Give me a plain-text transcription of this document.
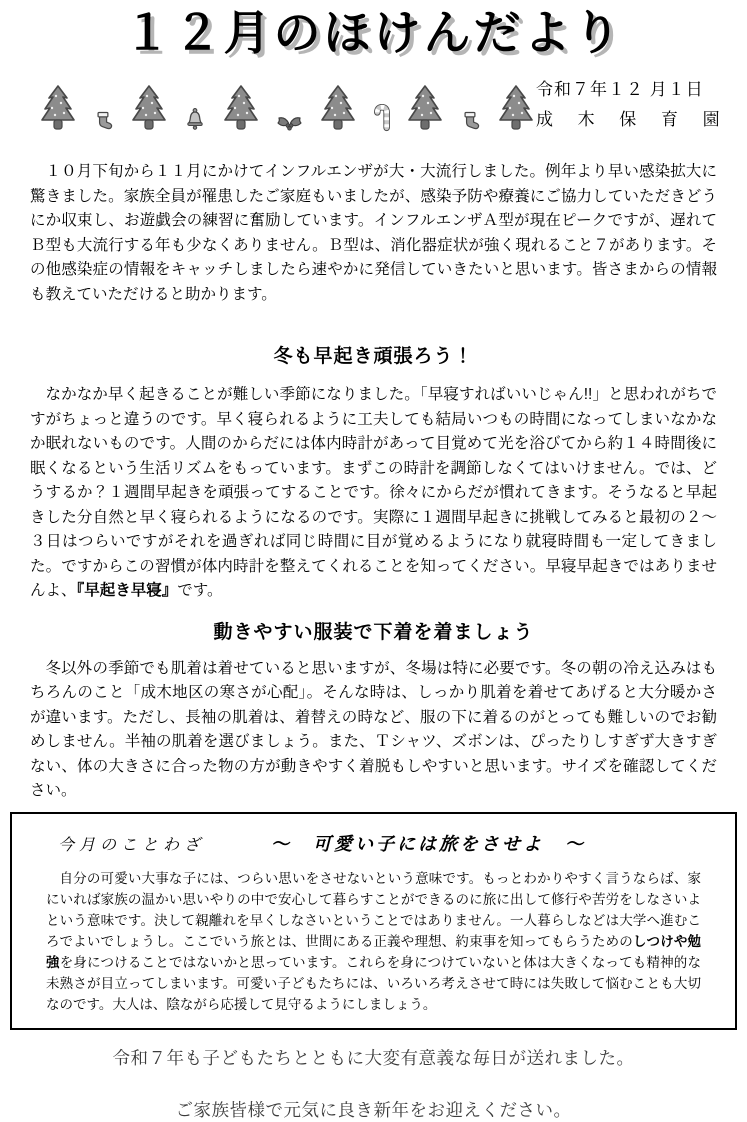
１２月のほけんだより
令和７年１２ 月１日
成木保育園

１０月下旬から１１月にかけてインフルエンザが大・大流行しました。例年より早い感染拡大に驚きました。家族全員が罹患したご家庭もいましたが、感染予防や療養にご協力していただきどうにか収束し、お遊戯会の練習に奮励しています。インフルエンザＡ型が現在ピークですが、遅れてＢ型も大流行する年も少なくありません。Ｂ型は、消化器症状が強く現れること７があります。その他感染症の情報をキャッチしましたら速やかに発信していきたいと思います。皆さまからの情報も教えていただけると助かります。

冬も早起き頑張ろう！

なかなか早く起きることが難しい季節になりました。「早寝すればいいじゃん!!」と思われがちですがちょっと違うのです。早く寝られるように工夫しても結局いつもの時間になってしまいなかなか眠れないものです。人間のからだには体内時計があって目覚めて光を浴びてから約１４時間後に眠くなるという生活リズムをもっています。まずこの時計を調節しなくてはいけません。では、どうするか？１週間早起きを頑張ってすることです。徐々にからだが慣れてきます。そうなると早起きした分自然と早く寝られるようになるのです。実際に１週間早起きに挑戦してみると最初の２～３日はつらいですがそれを過ぎれば同じ時間に目が覚めるようになり就寝時間も一定してきました。ですからこの習慣が体内時計を整えてくれることを知ってください。早寝早起きではありませんよ、『早起き早寝』です。

動きやすい服装で下着を着ましょう

冬以外の季節でも肌着は着せていると思いますが、冬場は特に必要です。冬の朝の冷え込みはもちろんのこと「成木地区の寒さが心配」。そんな時は、しっかり肌着を着せてあげると大分暖かさが違います。ただし、長袖の肌着は、着替えの時など、服の下に着るのがとっても難しいのでお勧めしません。半袖の肌着を選びましょう。また、Ｔシャツ、ズボンは、ぴったりしすぎず大きすぎない、体の大きさに合った物の方が動きやすく着脱もしやすいと思います。サイズを確認してください。

今月のことわざ	～　可愛い子には旅をさせよ　～

自分の可愛い大事な子には、つらい思いをさせないという意味です。もっとわかりやすく言うならば、家にいれば家族の温かい思いやりの中で安心して暮らすことができるのに旅に出して修行や苦労をしなさいよという意味です。決して親離れを早くしなさいということではありません。一人暮らしなどは大学へ進むころでよいでしょうし。ここでいう旅とは、世間にある正義や理想、約束事を知ってもらうためのしつけや勉強を身につけることではないかと思っています。これらを身につけていないと体は大きくなっても精神的な未熟さが目立ってしまいます。可愛い子どもたちには、いろいろ考えさせて時には失敗して悩むことも大切なのです。大人は、陰ながら応援して見守るようにしましょう。

令和７年も子どもたちとともに大変有意義な毎日が送れました。

ご家族皆様で元気に良き新年をお迎えください。
